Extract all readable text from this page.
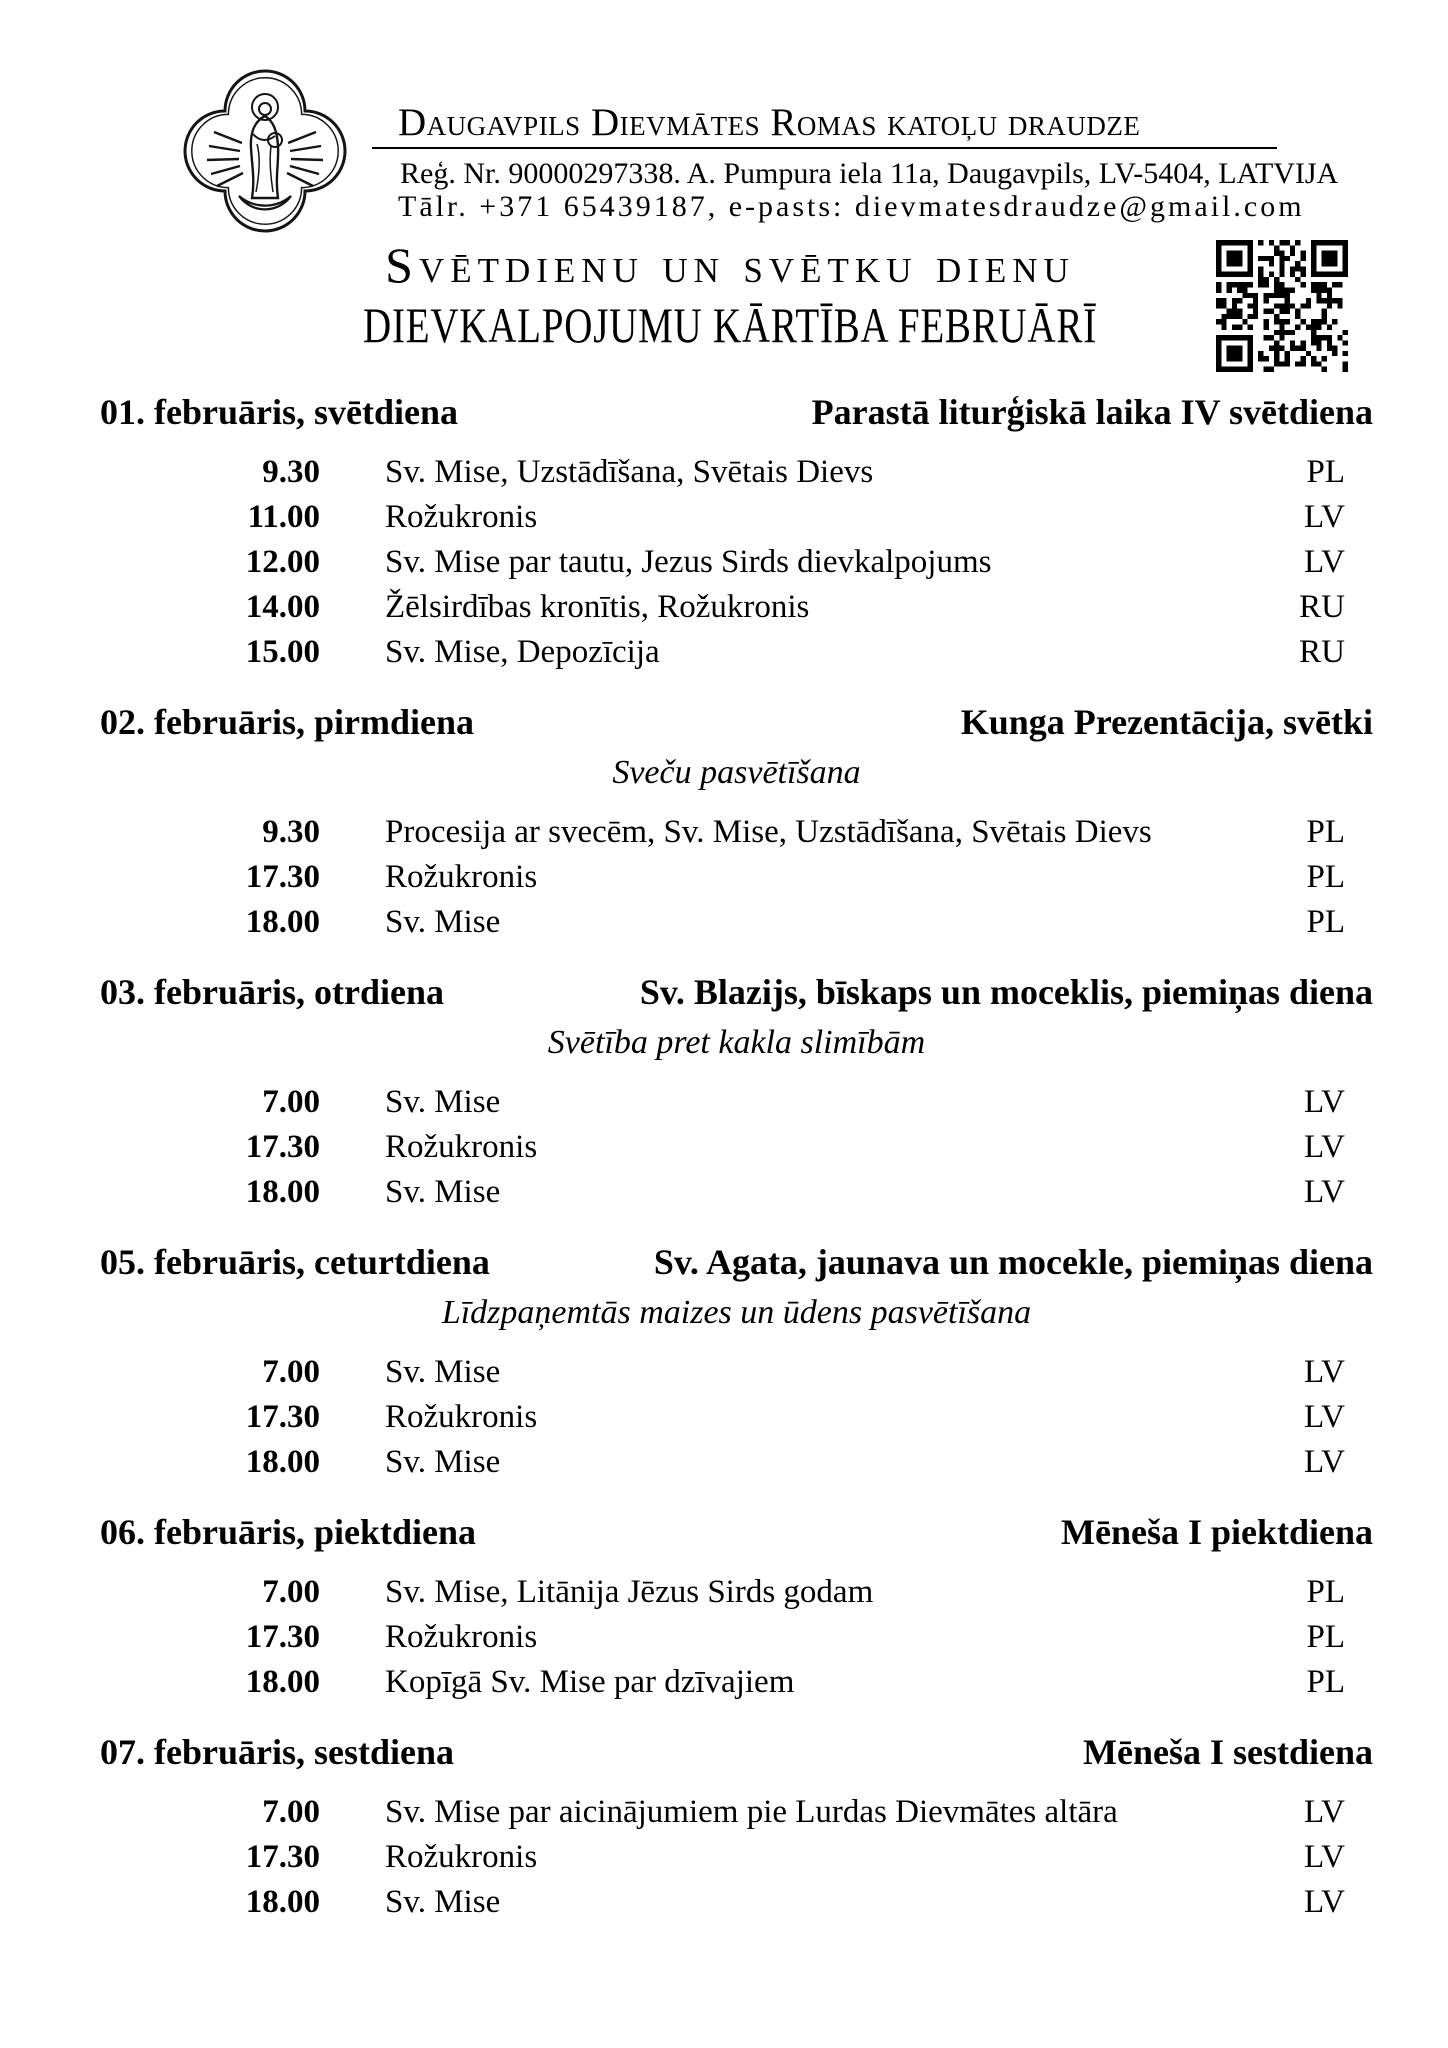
Daugavpils Dievmātes Romas katoļu draudze
Reģ. Nr. 90000297338. A. Pumpura iela 11a, Daugavpils, LV-5404, LATVIJA
Tālr. +371 65439187, e-pasts: dievmatesdraudze@gmail.com
Svētdienu un svētku dienu
DIEVKALPOJUMU KĀRTĪBA FEBRUĀRĪ
01. februāris, svētdiena	Parastā liturģiskā laika IV svētdiena
9.30	Sv. Mise, Uzstādīšana, Svētais Dievs	PL
11.00	Rožukronis	LV
12.00	Sv. Mise par tautu, Jezus Sirds dievkalpojums	LV
14.00	Žēlsirdības kronītis, Rožukronis	RU
15.00	Sv. Mise, Depozīcija	RU
02. februāris, pirmdiena	Kunga Prezentācija, svētki
Sveču pasvētīšana
9.30	Procesija ar svecēm, Sv. Mise, Uzstādīšana, Svētais Dievs	PL
17.30	Rožukronis	PL
18.00	Sv. Mise	PL
03. februāris, otrdiena	Sv. Blazijs, bīskaps un moceklis, piemiņas diena
Svētība pret kakla slimībām
7.00	Sv. Mise	LV
17.30	Rožukronis	LV
18.00	Sv. Mise	LV
05. februāris, ceturtdiena	Sv. Agata, jaunava un mocekle, piemiņas diena
Līdzpaņemtās maizes un ūdens pasvētīšana
7.00	Sv. Mise	LV
17.30	Rožukronis	LV
18.00	Sv. Mise	LV
06. februāris, piektdiena	Mēneša I piektdiena
7.00	Sv. Mise, Litānija Jēzus Sirds godam	PL
17.30	Rožukronis	PL
18.00	Kopīgā Sv. Mise par dzīvajiem	PL
07. februāris, sestdiena	Mēneša I sestdiena
7.00	Sv. Mise par aicinājumiem pie Lurdas Dievmātes altāra	LV
17.30	Rožukronis	LV
18.00	Sv. Mise	LV
